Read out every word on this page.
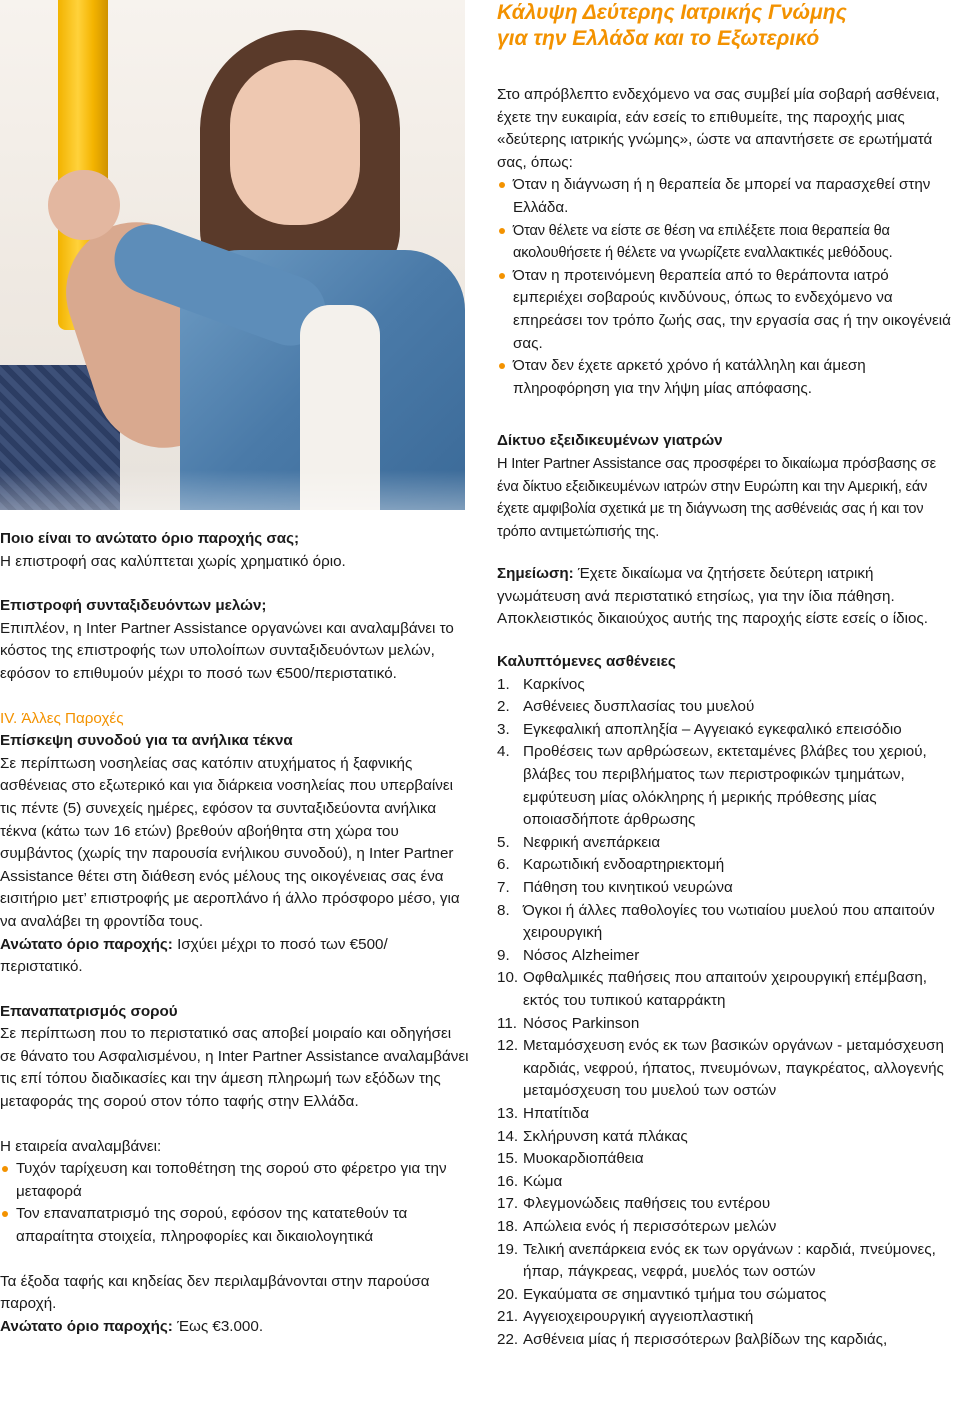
Κάλυψη Δεύτερης Ιατρικής Γνώμης
για την Ελλάδα και το Εξωτερικό

Στο απρόβλεπτο ενδεχόμενο να σας συμβεί μία σοβαρή ασθένεια, έχετε την ευκαιρία, εάν εσείς το επιθυμείτε, της παροχής μιας «δεύτερης ιατρικής γνώμης», ώστε να απαντήσετε σε ερωτήματά σας, όπως:

Όταν η διάγνωση ή η θεραπεία δε μπορεί να παρασχεθεί στην Ελλάδα.
Όταν θέλετε να είστε σε θέση να επιλέξετε ποια θεραπεία θα ακολουθήσετε ή θέλετε να γνωρίζετε εναλλακτικές μεθόδους.
Όταν η προτεινόμενη θεραπεία από το θεράποντα ιατρό εμπεριέχει σοβαρούς κινδύνους, όπως το ενδεχόμενο να επηρεάσει τον τρόπο ζωής σας, την εργασία σας ή την οικογένειά σας.
Όταν δεν έχετε αρκετό χρόνο ή κατάλληλη και άμεση πληροφόρηση για την λήψη μίας απόφασης.

Δίκτυο εξειδικευμένων γιατρών

Η Inter Partner Assistance σας προσφέρει το δικαίωμα πρόσβασης σε ένα δίκτυο εξειδικευμένων ιατρών στην Ευρώπη και την Αμερική, εάν έχετε αμφιβολία σχετικά με τη διάγνωση της ασθένειάς σας ή και τον τρόπο αντιμετώπισής της.

Σημείωση: Έχετε δικαίωμα να ζητήσετε δεύτερη ιατρική γνωμάτευση ανά περιστατικό ετησίως, για την ίδια πάθηση. Αποκλειστικός δικαιούχος αυτής της παροχής είστε εσείς ο ίδιος.

Καλυπτόμενες ασθένειες

1. Καρκίνος
2. Ασθένειες δυσπλασίας του μυελού
3. Εγκεφαλική αποπληξία – Αγγειακό εγκεφαλικό επεισόδιο
4. Προθέσεις των αρθρώσεων, εκτεταμένες βλάβες του χεριού, βλάβες του περιβλήματος των περιστροφικών τμημάτων, εμφύτευση μίας ολόκληρης ή μερικής πρόθεσης μίας οποιασδήποτε άρθρωσης
5. Νεφρική ανεπάρκεια
6. Καρωτιδική ενδοαρτηριεκτομή
7. Πάθηση του κινητικού νευρώνα
8. Όγκοι ή άλλες παθολογίες του νωτιαίου μυελού που απαιτούν χειρουργική
9. Νόσος Alzheimer
10. Οφθαλμικές παθήσεις που απαιτούν χειρουργική επέμβαση, εκτός του τυπικού καταρράκτη
11. Νόσος Parkinson
12. Μεταμόσχευση ενός εκ των βασικών οργάνων - μεταμόσχευση καρδιάς, νεφρού, ήπατος, πνευμόνων, παγκρέατος, αλλογενής μεταμόσχευση του μυελού των οστών
13. Ηπατίτιδα
14. Σκλήρυνση κατά πλάκας
15. Μυοκαρδιοπάθεια
16. Κώμα
17. Φλεγμονώδεις παθήσεις του εντέρου
18. Απώλεια ενός ή περισσότερων μελών
19. Τελική ανεπάρκεια ενός εκ των οργάνων : καρδιά, πνεύμονες, ήπαρ, πάγκρεας, νεφρά, μυελός των οστών
20. Εγκαύματα σε σημαντικό τμήμα του σώματος
21. Αγγειοχειρουργική αγγειοπλαστική
22. Ασθένεια μίας ή περισσότερων βαλβίδων της καρδιάς,

Ποιο είναι το ανώτατο όριο παροχής σας;

Η επιστροφή σας καλύπτεται χωρίς χρηματικό όριο.

Επιστροφή συνταξιδευόντων μελών;

Επιπλέον, η Inter Partner Assistance οργανώνει και αναλαμβάνει το κόστος της επιστροφής των υπολοίπων συνταξιδευόντων μελών, εφόσον το επιθυμούν μέχρι το ποσό των €500/περιστατικό.

IV. Άλλες Παροχές

Επίσκεψη συνοδού για τα ανήλικα τέκνα

Σε περίπτωση νοσηλείας σας κατόπιν ατυχήματος ή ξαφνικής ασθένειας στο εξωτερικό και για διάρκεια νοσηλείας που υπερβαίνει τις πέντε (5) συνεχείς ημέρες, εφόσον τα συνταξιδεύοντα ανήλικα τέκνα (κάτω των 16 ετών) βρεθούν αβοήθητα στη χώρα του συμβάντος (χωρίς την παρουσία ενήλικου συνοδού), η Inter Partner Assistance θέτει στη διάθεση ενός μέλους της οικογένειας σας ένα εισιτήριο μετ’ επιστροφής με αεροπλάνο ή άλλο πρόσφορο μέσο, για να αναλάβει τη φροντίδα τους.

Ανώτατο όριο παροχής: Ισχύει μέχρι το ποσό των €500/περιστατικό.

Επαναπατρισμός σορού

Σε περίπτωση που το περιστατικό σας αποβεί μοιραίο και οδηγήσει σε θάνατο του Ασφαλισμένου, η Inter Partner Assistance αναλαμβάνει τις επί τόπου διαδικασίες και την άμεση πληρωμή των εξόδων της μεταφοράς της σορού στον τόπο ταφής στην Ελλάδα.

Η εταιρεία αναλαμβάνει:

Τυχόν ταρίχευση και τοποθέτηση της σορού στο φέρετρο για την μεταφορά
Τον επαναπατρισμό της σορού, εφόσον της κατατεθούν τα απαραίτητα στοιχεία, πληροφορίες και δικαιολογητικά

Τα έξοδα ταφής και κηδείας δεν περιλαμβάνονται στην παρούσα παροχή.

Ανώτατο όριο παροχής: Έως €3.000.
